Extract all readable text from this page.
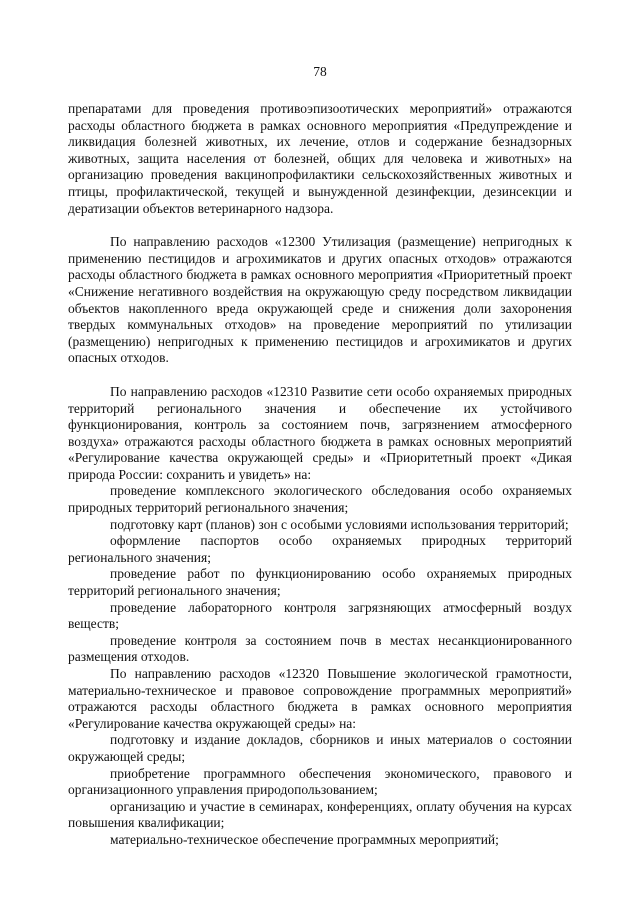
78

препаратами для проведения противоэпизоотических мероприятий» отражаются расходы областного бюджета в рамках основного мероприятия «Предупреждение и ликвидация болезней животных, их лечение, отлов и содержание безнадзорных животных, защита населения от болезней, общих для человека и животных» на организацию проведения вакцинопрофилактики сельскохозяйственных животных и птицы, профилактической, текущей и вынужденной дезинфекции, дезинсекции и дератизации объектов ветеринарного надзора.

По направлению расходов «12300 Утилизация (размещение) непригодных к применению пестицидов и агрохимикатов и других опасных отходов» отражаются расходы областного бюджета в рамках основного мероприятия «Приоритетный проект «Снижение негативного воздействия на окружающую среду посредством ликвидации объектов накопленного вреда окружающей среде и снижения доли захоронения твердых коммунальных отходов» на проведение мероприятий по утилизации (размещению) непригодных к применению пестицидов и агрохимикатов и других опасных отходов.

По направлению расходов «12310 Развитие сети особо охраняемых природных территорий регионального значения и обеспечение их устойчивого функционирования, контроль за состоянием почв, загрязнением атмосферного воздуха» отражаются расходы областного бюджета в рамках основных мероприятий «Регулирование качества окружающей среды» и «Приоритетный проект «Дикая природа России: сохранить и увидеть» на:

проведение комплексного экологического обследования особо охраняемых природных территорий регионального значения;

подготовку карт (планов) зон с особыми условиями использования территорий;

оформление паспортов особо охраняемых природных территорий регионального значения;

проведение работ по функционированию особо охраняемых природных территорий регионального значения;

проведение лабораторного контроля загрязняющих атмосферный воздух веществ;

проведение контроля за состоянием почв в местах несанкционированного размещения отходов.

По направлению расходов «12320 Повышение экологической грамотности, материально-техническое и правовое сопровождение программных мероприятий» отражаются расходы областного бюджета в рамках основного мероприятия «Регулирование качества окружающей среды» на:

подготовку и издание докладов, сборников и иных материалов о состоянии окружающей среды;

приобретение программного обеспечения экономического, правового и организационного управления природопользованием;

организацию и участие в семинарах, конференциях, оплату обучения на курсах повышения квалификации;

материально-техническое обеспечение программных мероприятий;
